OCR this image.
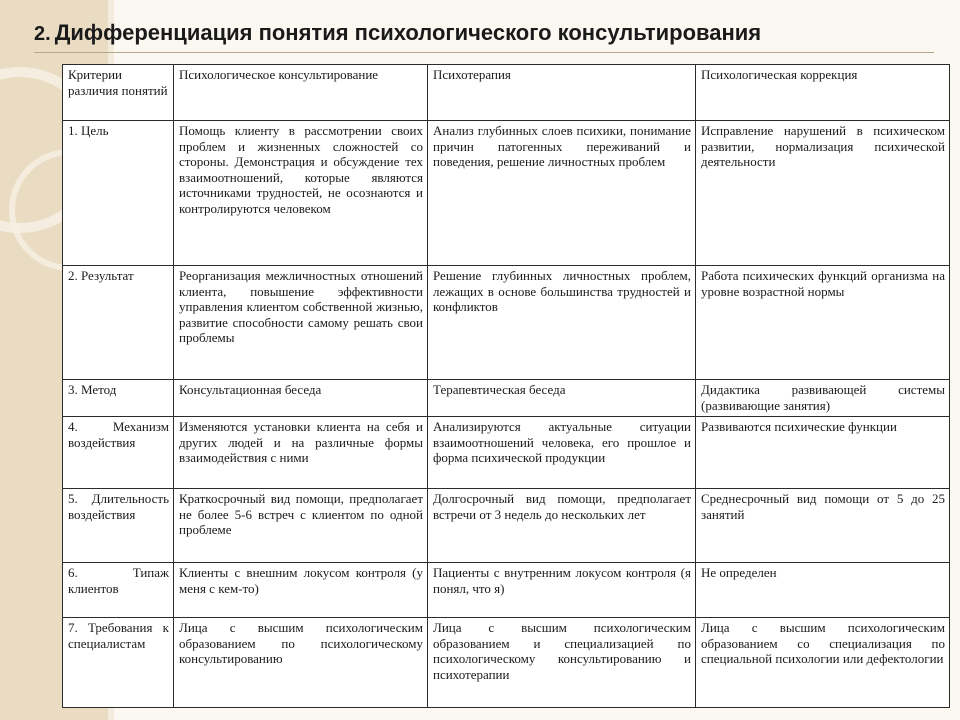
2. Дифференциация понятия психологического консультирования
Критерии различия понятий	Психологическое консультирование	Психотерапия	Психологическая коррекция
1. Цель	Помощь клиенту в рассмотрении своих проблем и жизненных сложностей со стороны. Демонстрация и обсуждение тех взаимоотношений, которые являются источниками трудностей, не осознаются и контролируются человеком	Анализ глубинных слоев психики, понимание причин патогенных переживаний и поведения, решение личностных проблем	Исправление нарушений в психическом развитии, нормализация психической деятельности
2. Результат	Реорганизация межличностных отношений клиента, повышение эффективности управления клиентом собственной жизнью, развитие способности самому решать свои проблемы	Решение глубинных личностных проблем, лежащих в основе большинства трудностей и конфликтов	Работа психических функций организма на уровне возрастной нормы
3. Метод	Консультационная беседа	Терапевтическая беседа	Дидактика развивающей системы (развивающие занятия)
4. Механизм воздействия	Изменяются установки клиента на себя и других людей и на различные формы взаимодействия с ними	Анализируются актуальные ситуации взаимоотношений человека, его прошлое и форма психической продукции	Развиваются психические функции
5. Длительность воздействия	Краткосрочный вид помощи, предполагает не более 5-6 встреч с клиентом по одной проблеме	Долгосрочный вид помощи, предполагает встречи от 3 недель до нескольких лет	Среднесрочный вид помощи от 5 до 25 занятий
6. Типаж клиентов	Клиенты с внешним локусом контроля (у меня с кем-то)	Пациенты с внутренним локусом контроля (я понял, что я)	Не определен
7. Требования к специалистам	Лица с высшим психологическим образованием по психологическому консультированию	Лица с высшим психологическим образованием и специализацией по психологическому консультированию и психотерапии	Лица с высшим психологическим образованием со специализация по специальной психологии или дефектологии
